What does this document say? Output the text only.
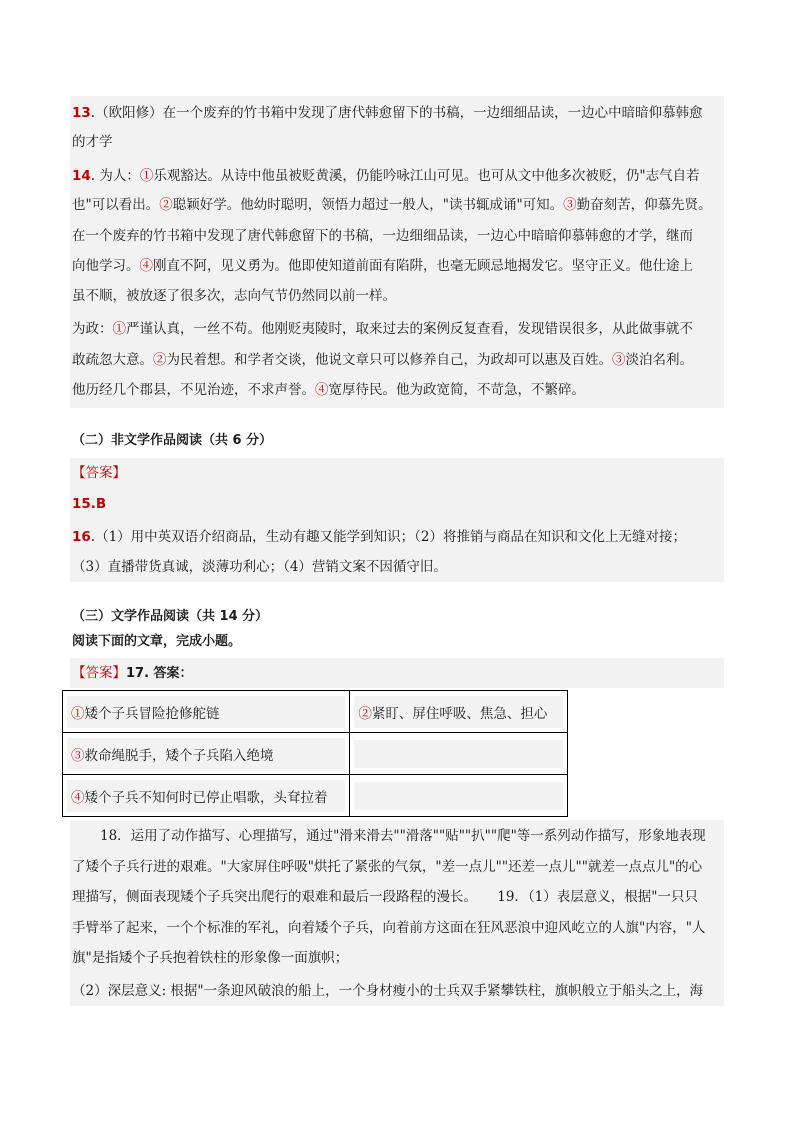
13.（欧阳修）在一个废弃的竹书箱中发现了唐代韩愈留下的书稿，一边细细品读，一边心中暗暗仰慕韩愈
的才学
14. 为人：①乐观豁达。从诗中他虽被贬黄溪，仍能吟咏江山可见。也可从文中他多次被贬，仍"志气自若
也"可以看出。②聪颖好学。他幼时聪明，领悟力超过一般人，"读书辄成诵"可知。③勤奋刻苦，仰慕先贤。
在一个废弃的竹书箱中发现了唐代韩愈留下的书稿，一边细细品读，一边心中暗暗仰慕韩愈的才学，继而
向他学习。④刚直不阿，见义勇为。他即使知道前面有陷阱，也毫无顾忌地揭发它。坚守正义。他仕途上
虽不顺，被放逐了很多次，志向气节仍然同以前一样。
为政：①严谨认真，一丝不苟。他刚贬夷陵时，取来过去的案例反复查看，发现错误很多，从此做事就不
敢疏忽大意。②为民着想。和学者交谈，他说文章只可以修养自己，为政却可以惠及百姓。③淡泊名利。
他历经几个郡县，不见治迹，不求声誉。④宽厚待民。他为政宽简，不苛急，不繁碎。
（二）非文学作品阅读（共 6 分）
【答案】
15.B
16.（1）用中英双语介绍商品，生动有趣又能学到知识；（2）将推销与商品在知识和文化上无缝对接；
（3）直播带货真诚，淡薄功利心；（4）营销文案不因循守旧。
（三）文学作品阅读（共 14 分）
阅读下面的文章，完成小题。
【答案】17. 答案：
①矮个子兵冒险抢修舵链	②紧盯、屏住呼吸、焦急、担心

③救命绳脱手，矮个子兵陷入绝境	

④矮个子兵不知何时已停止唱歌，头耷拉着	

18．运用了动作描写、心理描写，通过"滑来滑去""滑落""贴""扒""爬"等一系列动作描写，形象地表现
了矮个子兵行进的艰难。"大家屏住呼吸"烘托了紧张的气氛，"差一点儿""还差一点儿""就差一点点儿"的心
理描写，侧面表现矮个子兵突出爬行的艰难和最后一段路程的漫长。　　19．（1）表层意义，根据"一只只
手臂举了起来，一个个标准的军礼，向着矮个子兵，向着前方这面在狂风恶浪中迎风屹立的人旗"内容，"人
旗"是指矮个子兵抱着铁柱的形象像一面旗帜；
（2）深层意义: 根据"一条迎风破浪的船上，一个身材瘦小的士兵双手紧攀铁柱，旗帜般立于船头之上，海
